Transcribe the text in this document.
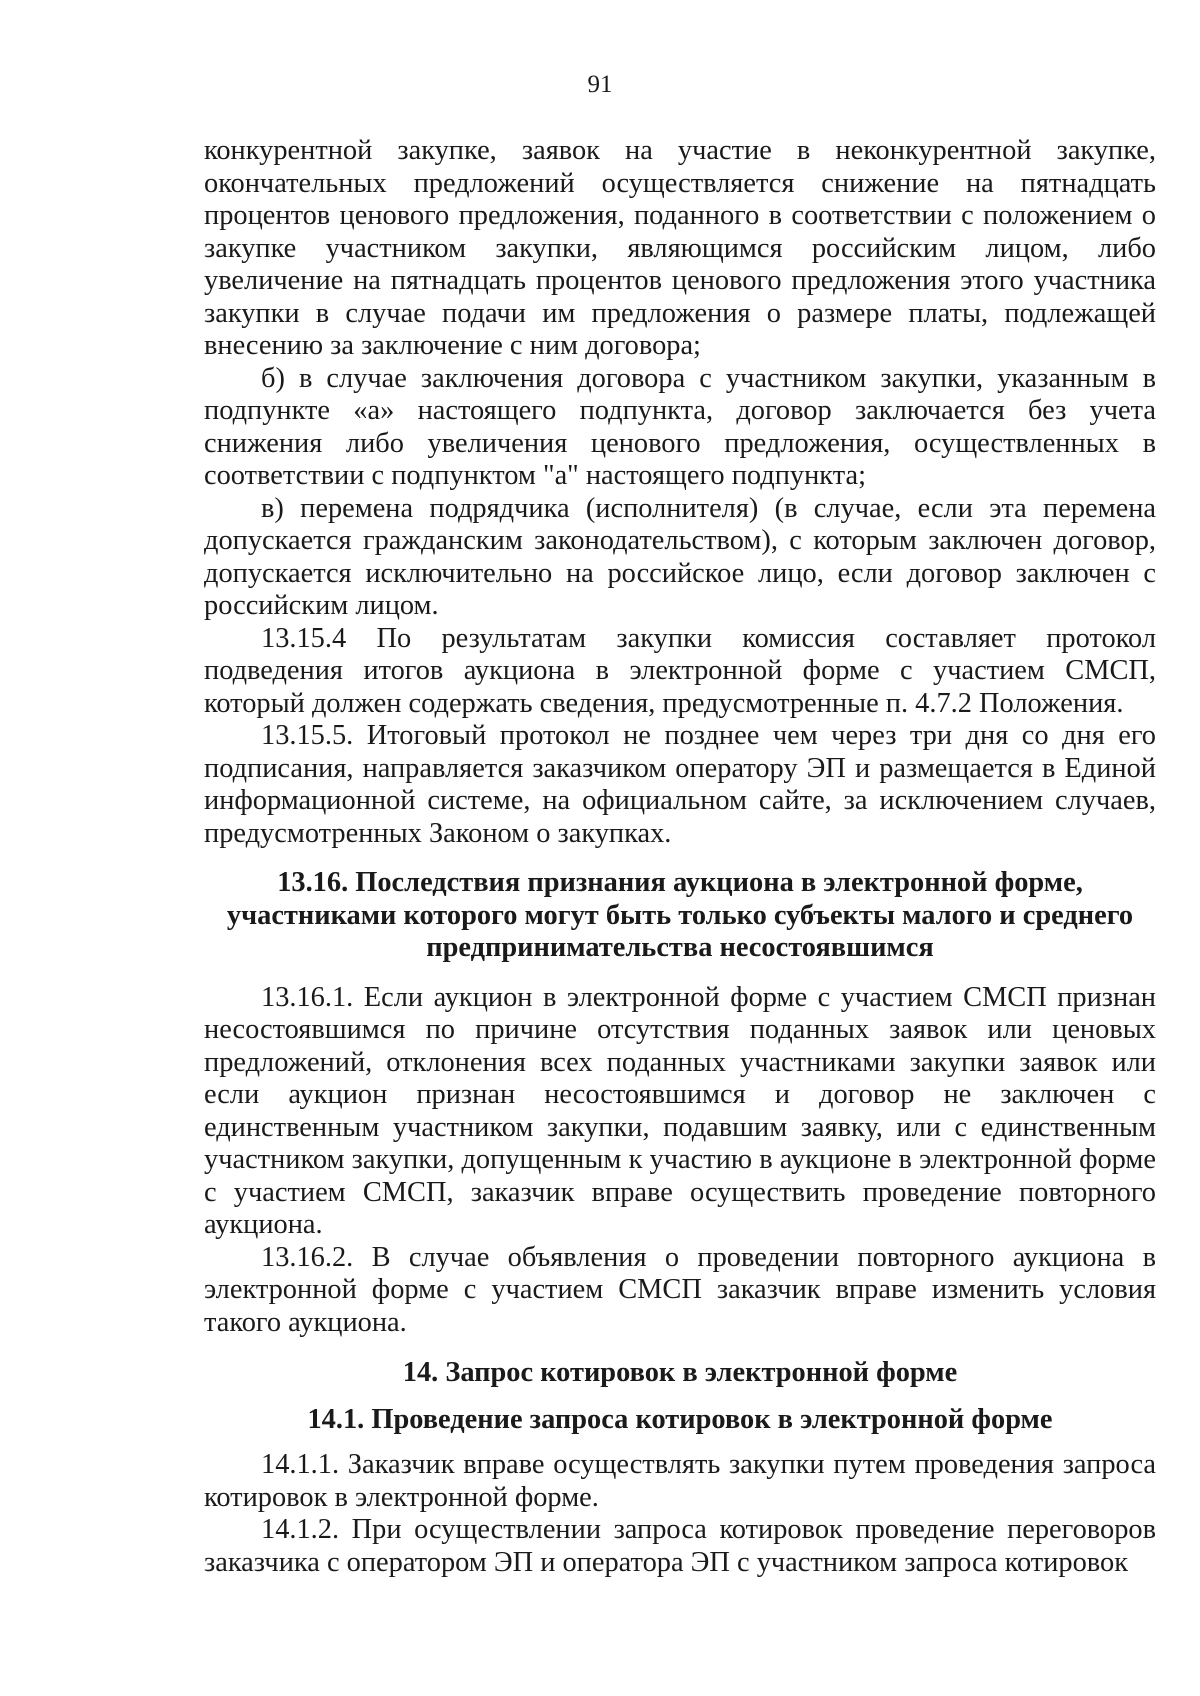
91

конкурентной закупке, заявок на участие в неконкурентной закупке, окончательных предложений осуществляется снижение на пятнадцать процентов ценового предложения, поданного в соответствии с положением о закупке участником закупки, являющимся российским лицом, либо увеличение на пятнадцать процентов ценового предложения этого участника закупки в случае подачи им предложения о размере платы, подлежащей внесению за заключение с ним договора;

б) в случае заключения договора с участником закупки, указанным в подпункте «а» настоящего подпункта, договор заключается без учета снижения либо увеличения ценового предложения, осуществленных в соответствии с подпунктом "а" настоящего подпункта;

в) перемена подрядчика (исполнителя) (в случае, если эта перемена допускается гражданским законодательством), с которым заключен договор, допускается исключительно на российское лицо, если договор заключен с российским лицом.

13.15.4 По результатам закупки комиссия составляет протокол подведения итогов аукциона в электронной форме с участием СМСП, который должен содержать сведения, предусмотренные п. 4.7.2 Положения.

13.15.5. Итоговый протокол не позднее чем через три дня со дня его подписания, направляется заказчиком оператору ЭП и размещается в Единой информационной системе, на официальном сайте, за исключением случаев, предусмотренных Законом о закупках.

13.16. Последствия признания аукциона в электронной форме,
участниками которого могут быть только субъекты малого и среднего
предпринимательства несостоявшимся

13.16.1. Если аукцион в электронной форме с участием СМСП признан несостоявшимся по причине отсутствия поданных заявок или ценовых предложений, отклонения всех поданных участниками закупки заявок или если аукцион признан несостоявшимся и договор не заключен с единственным участником закупки, подавшим заявку, или с единственным участником закупки, допущенным к участию в аукционе в электронной форме с участием СМСП, заказчик вправе осуществить проведение повторного аукциона.

13.16.2. В случае объявления о проведении повторного аукциона в электронной форме с участием СМСП заказчик вправе изменить условия такого аукциона.

14. Запрос котировок в электронной форме
14.1. Проведение запроса котировок в электронной форме

14.1.1. Заказчик вправе осуществлять закупки путем проведения запроса котировок в электронной форме.

14.1.2. При осуществлении запроса котировок проведение переговоров заказчика с оператором ЭП и оператора ЭП с участником запроса котировок
